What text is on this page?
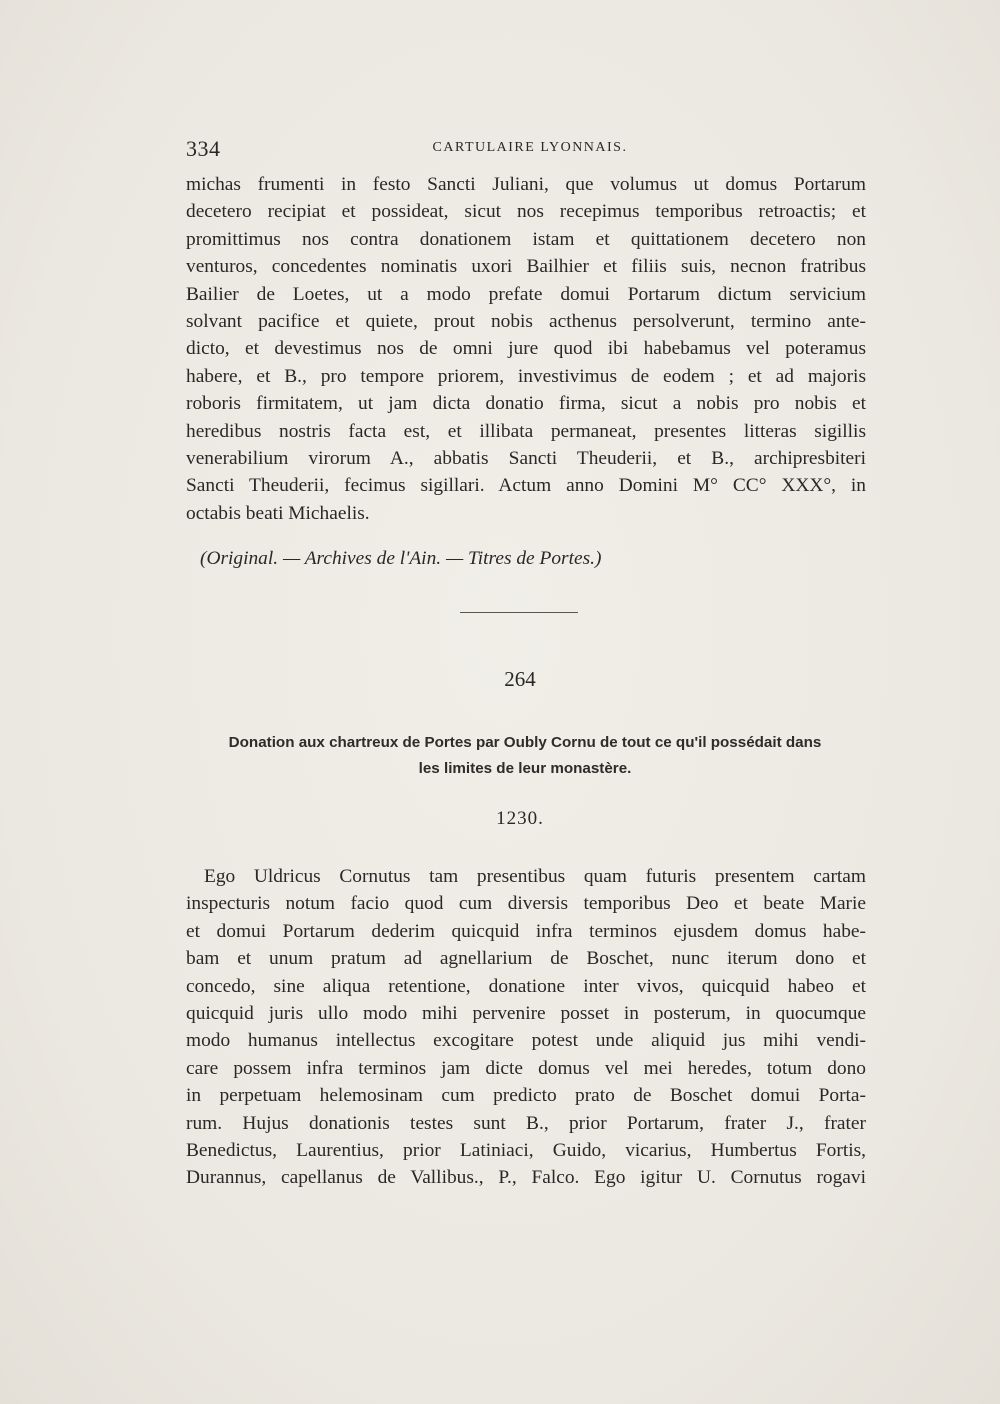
334	CARTULAIRE LYONNAIS.
michas frumenti in festo Sancti Juliani, que volumus ut domus Portarum
decetero recipiat et possideat, sicut nos recepimus temporibus retroactis; et
promittimus nos contra donationem istam et quittationem decetero non
venturos, concedentes nominatis uxori Bailhier et filiis suis, necnon fratribus
Bailier de Loetes, ut a modo prefate domui Portarum dictum servicium
solvant pacifice et quiete, prout nobis acthenus persolverunt, termino ante-
dicto, et devestimus nos de omni jure quod ibi habebamus vel poteramus
habere, et B., pro tempore priorem, investivimus de eodem ; et ad majoris
roboris firmitatem, ut jam dicta donatio firma, sicut a nobis pro nobis et
heredibus nostris facta est, et illibata permaneat, presentes litteras sigillis
venerabilium virorum A., abbatis Sancti Theuderii, et B., archipresbiteri
Sancti Theuderii, fecimus sigillari. Actum anno Domini M° CC° XXX°, in
octabis beati Michaelis.
(Original. — Archives de l'Ain. — Titres de Portes.)
264
Donation aux chartreux de Portes par Oubly Cornu de tout ce qu'il possédait dans
les limites de leur monastère.
1230.
Ego Uldricus Cornutus tam presentibus quam futuris presentem cartam
inspecturis notum facio quod cum diversis temporibus Deo et beate Marie
et domui Portarum dederim quicquid infra terminos ejusdem domus habe-
bam et unum pratum ad agnellarium de Boschet, nunc iterum dono et
concedo, sine aliqua retentione, donatione inter vivos, quicquid habeo et
quicquid juris ullo modo mihi pervenire posset in posterum, in quocumque
modo humanus intellectus excogitare potest unde aliquid jus mihi vendi-
care possem infra terminos jam dicte domus vel mei heredes, totum dono
in perpetuam helemosinam cum predicto prato de Boschet domui Porta-
rum. Hujus donationis testes sunt B., prior Portarum, frater J., frater
Benedictus, Laurentius, prior Latiniaci, Guido, vicarius, Humbertus Fortis,
Durannus, capellanus de Vallibus., P., Falco. Ego igitur U. Cornutus rogavi
